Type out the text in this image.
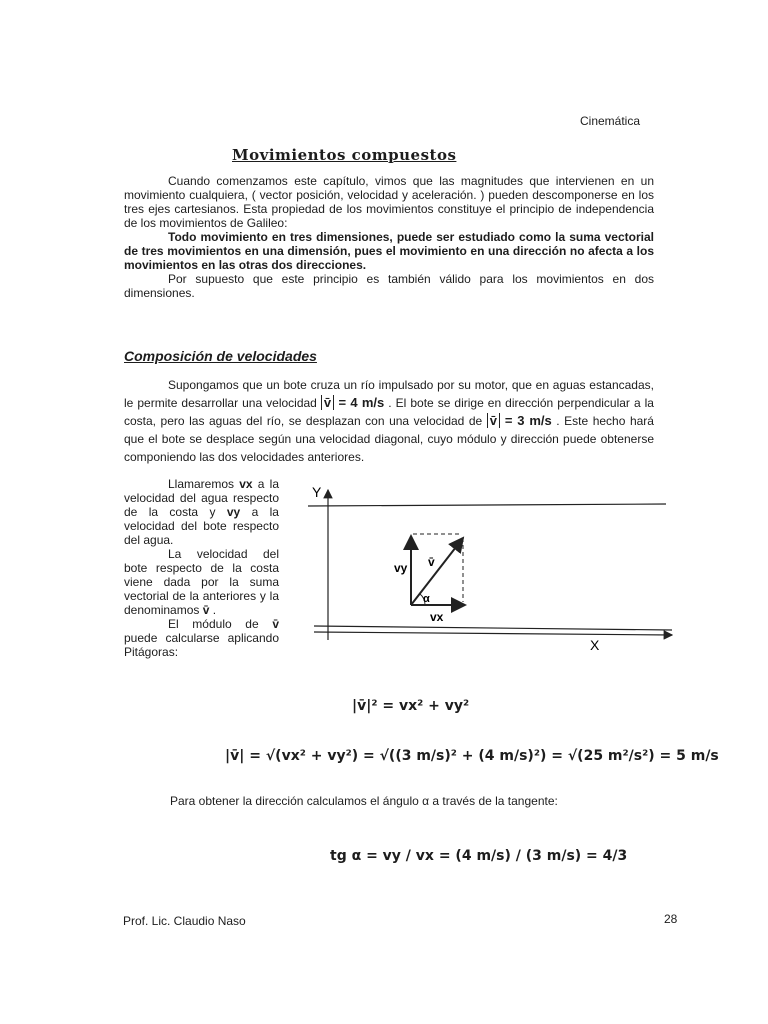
Cinemática
Movimientos compuestos
Cuando comenzamos este capítulo, vimos que las magnitudes que intervienen en un movimiento cualquiera, ( vector posición, velocidad y aceleración. ) pueden descomponerse en los tres ejes cartesianos. Esta propiedad de los movimientos constituye el principio de independencia de los movimientos de Galileo:
Todo movimiento en tres dimensiones, puede ser estudiado como la suma vectorial de tres movimientos en una dimensión, pues el movimiento en una dirección no afecta a los movimientos en las otras dos direcciones.
Por supuesto que este principio es también válido para los movimientos en dos dimensiones.
Composición de velocidades
Supongamos que un bote cruza un río impulsado por su motor, que en aguas estancadas, le permite desarrollar una velocidad v̄ = 4 m/s . El bote se dirige en dirección perpendicular a la costa, pero las aguas del río, se desplazan con una velocidad de v̄ = 3 m/s . Este hecho hará que el bote se desplace según una velocidad diagonal, cuyo módulo y dirección puede obtenerse componiendo las dos velocidades anteriores.
Llamaremos vx a la velocidad del agua respecto de la costa y vy a la velocidad del bote respecto del agua.
La velocidad del bote respecto de la costa viene dada por la suma vectorial de la anteriores y la denominamos v̄ .
El módulo de v̄ puede calcularse aplicando Pitágoras:
Y
X
α
vy v̄
vx
|v̄|² = vx² + vy²
|v̄| = √(vx² + vy²) = √((3 m/s)² + (4 m/s)²) = √(25 m²/s²) = 5 m/s
Para obtener la dirección calculamos el ángulo α a través de la tangente:
tg α = vy / vx = (4 m/s) / (3 m/s) = 4/3
Prof. Lic. Claudio Naso	28
